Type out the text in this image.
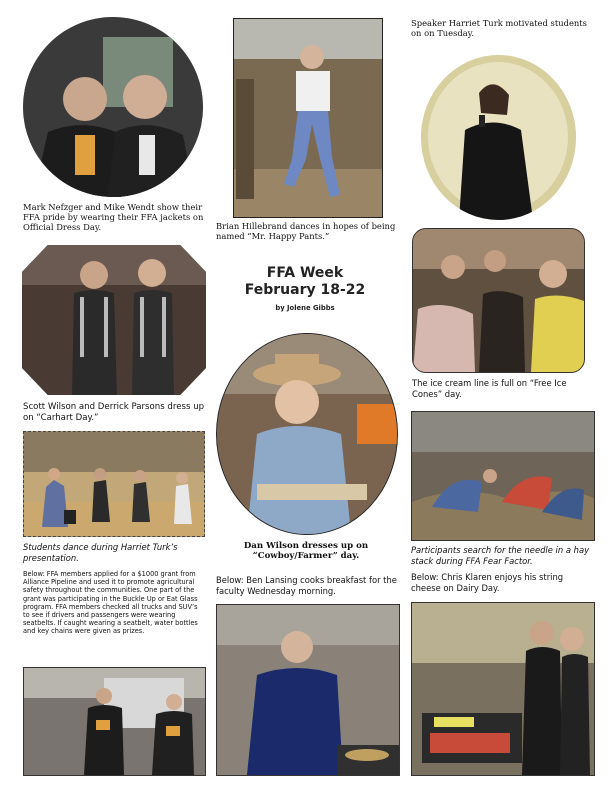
Mark Nefzger and Mike Wendt show their FFA pride by wearing their FFA jackets on Official Dress Day.	Brian Hillebrand dances in hopes of being named “Mr. Happy Pants.”
Speaker Harriet Turk motivated students on on Tuesday.
Scott Wilson and Derrick Parsons dress up on “Carhart Day.”
FFA Week
February 18-22
by Jolene Gibbs
The ice cream line is full on “Free Ice Cones” day.
Students dance during Harriet Turk’s presentation.
Dan Wilson dresses up on “Cowboy/Farmer” day.
Participants search for the needle in a hay stack during FFA Fear Factor.
Below: FFA members applied for a $1000 grant from Alliance Pipeline and used it to promote agricultural safety throughout the communities. One part of the grant was participating in the Buckle Up or Eat Glass program. FFA members checked all trucks and SUV’s to see if drivers and passengers were wearing seatbelts. If caught wearing a seatbelt, water bottles and key chains were given as prizes.
Below: Ben Lansing cooks breakfast for the faculty Wednesday morning.
Below: Chris Klaren enjoys his string cheese on Dairy Day.
